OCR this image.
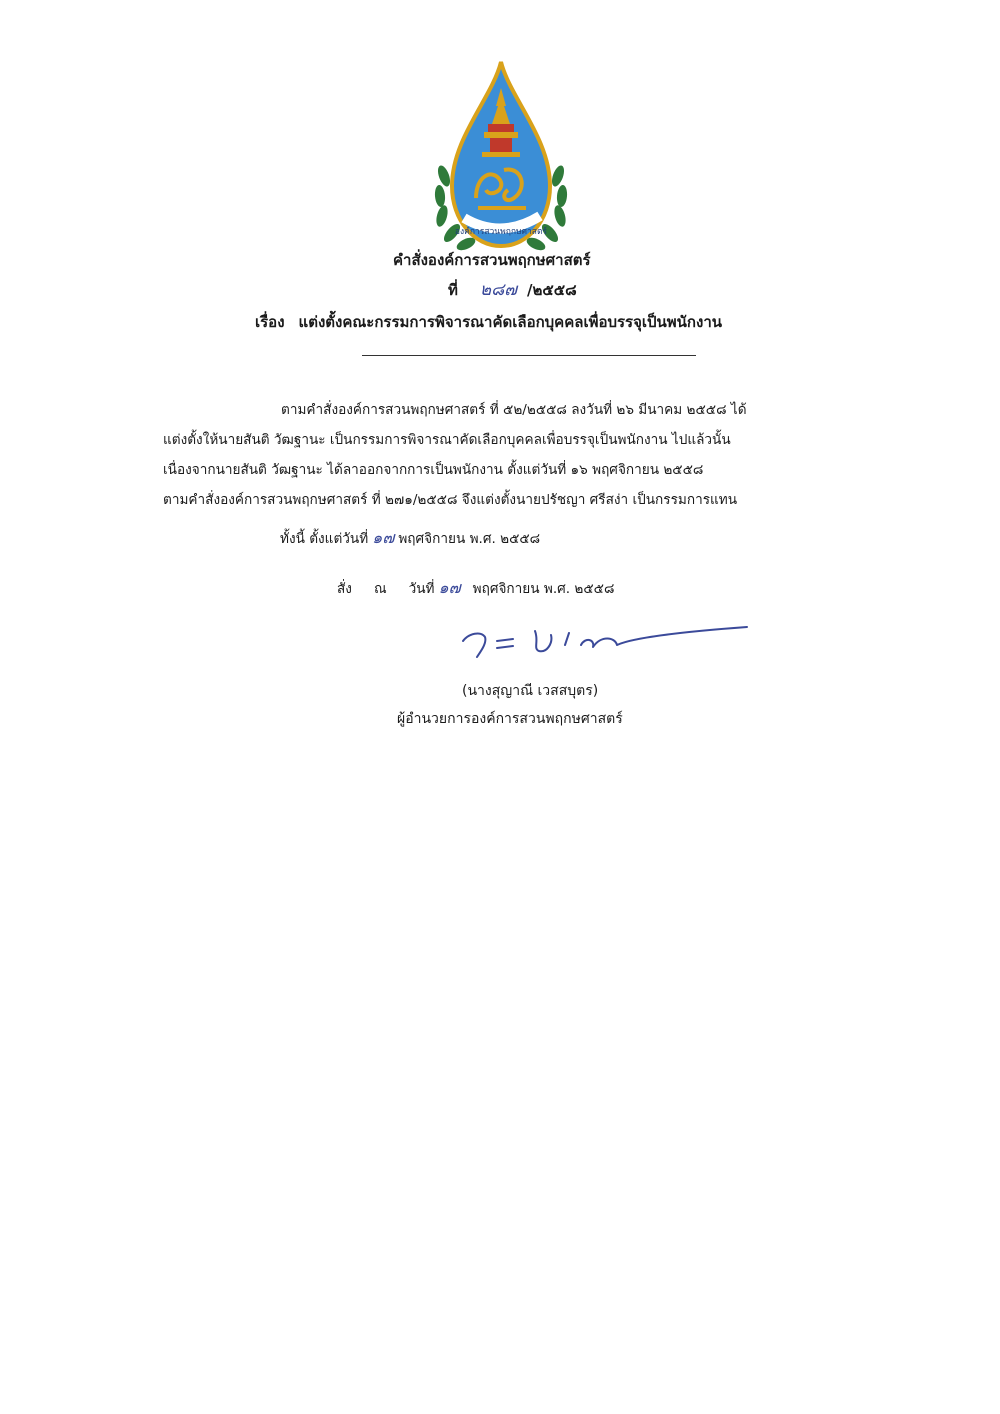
องค์การสวนพฤกษศาสตร์
คำสั่งองค์การสวนพฤกษศาสตร์
ที่ ๒๘๗ /๒๕๕๘
เรื่อง แต่งตั้งคณะกรรมการพิจารณาคัดเลือกบุคคลเพื่อบรรจุเป็นพนักงาน
ตามคำสั่งองค์การสวนพฤกษศาสตร์ ที่ ๕๒/๒๕๕๘ ลงวันที่ ๒๖ มีนาคม ๒๕๕๘ ได้
แต่งตั้งให้นายสันติ วัฒฐานะ เป็นกรรมการพิจารณาคัดเลือกบุคคลเพื่อบรรจุเป็นพนักงาน ไปแล้วนั้น
เนื่องจากนายสันติ วัฒฐานะ ได้ลาออกจากการเป็นพนักงาน ตั้งแต่วันที่ ๑๖ พฤศจิกายน ๒๕๕๘
ตามคำสั่งองค์การสวนพฤกษศาสตร์ ที่ ๒๗๑/๒๕๕๘ จึงแต่งตั้งนายปรัชญา ศรีสง่า เป็นกรรมการแทน
ทั้งนี้ ตั้งแต่วันที่ ๑๗ พฤศจิกายน พ.ศ. ๒๕๕๘
สั่ง ณ วันที่ ๑๗ พฤศจิกายน พ.ศ. ๒๕๕๘
(นางสุญาณี เวสสบุตร)
ผู้อำนวยการองค์การสวนพฤกษศาสตร์
